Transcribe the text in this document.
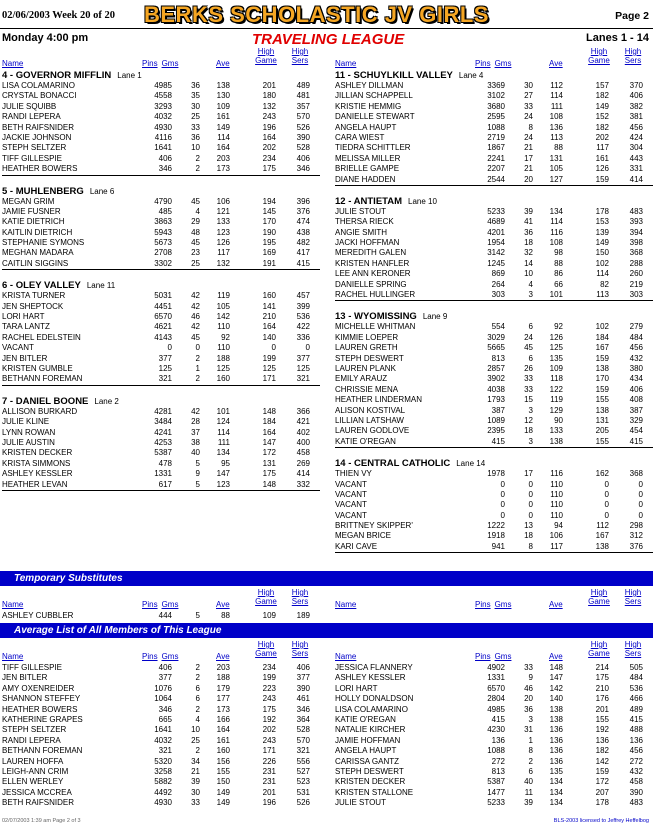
02/06/2003 Week 20 of 20 BERKS SCHOLASTIC JV GIRLS	Page 2
Monday 4:00 pm	TRAVELING LEAGUE	Lanes 1 - 14
Name	Pins Gms	Ave
High Game
High Sers
4 - GOVERNOR MIFFLIN Lane 1
LISA COLAMARINO	4985 36 138	201	489
CRYSTAL BONACCI	4558 35 130	180	481
JULIE SQUIBB	3293 30 109	132	357
RANDI LEPERA	4032 25 161	243	570
BETH RAIFSNIDER	4930 33 149	196	526
JACKIE JOHNSON	4116 36 114	164	390
STEPH SELTZER	1641 10 164	202	528
TIFF GILLESPIE	406	2 203	234	406
HEATHER BOWERS	346	2 173	175	346
5 - MUHLENBERG Lane 6
MEGAN GRIM	4790 45 106	194	396
JAMIE FUSNER	485	4 121	145	376
KATIE DIETRICH	3863 29 133	170	474
KAITLIN DIETRICH	5943 48 123	190	438
STEPHANIE SYMONS	5673 45 126	195	482
MEGHAN MADARA	2708 23 117	169	417
CAITLIN SIGGINS	3302 25 132	191	415
6 - OLEY VALLEY Lane 11
KRISTA TURNER	5031 42 119	160	457
JEN SHEPTOCK	4451 42 105	141	399
LORI HART	6570 46 142	210	536
TARA LANTZ	4621 42 110	164	422
RACHEL EDELSTEIN	4143 45	92	140	336
VACANT	0	0 110	0	0
JEN BITLER	377	2 188	199	377
KRISTEN GUMBLE	125	1 125	125	125
BETHANN FOREMAN	321	2 160	171	321
7 - DANIEL BOONE Lane 2
ALLISON BURKARD	4281 42 101	148	366
JULIE KLINE	3484 28 124	184	421
LYNN ROWAN	4241 37 114	164	402
JULIE AUSTIN	4253 38 111	147	400
KRISTEN DECKER	5387 40 134	172	458
KRISTA SIMMONS	478	5	95	131	269
ASHLEY KESSLER	1331	9 147	175	414
HEATHER LEVAN	617	5 123	148	332
Name	Pins Gms	Ave
High Game
High Sers
11 - SCHUYLKILL VALLEY Lane 4
ASHLEY DILLMAN	3369 30 112	157	370
JILLIAN SCHAPPELL	3102 27 114	182	406
KRISTIE HEMMIG	3680 33 111	149	382
DANIELLE STEWART	2595 24 108	152	381
ANGELA HAUPT	1088	8 136	182	456
CARA WIEST	2719 24 113	202	424
TIEDRA SCHITTLER	1867 21	88	117	304
MELISSA MILLER	2241 17 131	161	443
BRIELLE GAMPE	2207 21 105	126	331
DIANE HADDEN	2544 20 127	159	414
12 - ANTIETAM Lane 10
JULIE STOUT	5233 39 134	178	483
THERSA RIECK	4689 41 114	153	393
ANGIE SMITH	4201 36 116	139	394
JACKI HOFFMAN	1954 18 108	149	398
MEREDITH GALEN	3142 32	98	150	368
KRISTEN HANFLER	1245 14	88	102	288
LEE ANN KERONER	869 10	86	114	260
DANIELLE SPRING	264	4	66	82	219
RACHEL HULLINGER	303	3 101	113	303
13 - WYOMISSING Lane 9
MICHELLE WHITMAN	554	6	92	102	279
KIMMIE LOEPER	3029 24 126	184	484
LAUREN GRETH	5665 45 125	167	456
STEPH DESWERT	813	6 135	159	432
LAUREN PLANK	2857 26 109	138	380
EMILY ARAUZ	3902 33 118	170	434
CHRISSIE MENA	4038 33 122	159	406
HEATHER LINDERMAN	1793 15 119	155	408
ALISON KOSTIVAL	387	3 129	138	387
LILLIAN LATSHAW	1089 12	90	131	329
LAUREN GODLOVE	2395 18 133	205	454
KATIE O'REGAN	415	3 138	155	415
14 - CENTRAL CATHOLIC Lane 14
THIEN VY	1978 17 116	162	368
VACANT	0	0 110	0	0
VACANT	0	0 110	0	0
VACANT	0	0 110	0	0
VACANT	0	0 110	0	0
BRITTNEY SKIPPER'	1222 13	94	112	298
MEGAN BRICE	1918 18 106	167	312
KARI CAVE	941	8 117	138	376
Temporary Substitutes
Name	Pins Gms	Ave
High Game
High Sers
ASHLEY CUBBLER	444	5	88	109	189
Name	Pins Gms	Ave
High Game
High Sers
Average List of All Members of This League
Name	Pins Gms	Ave
High Game
High Sers
TIFF GILLESPIE	406	2 203	234	406
JEN BITLER	377	2 188	199	377
AMY OXENREIDER	1076	6 179	223	390
SHANNON STEFFEY	1064	6 177	243	461
HEATHER BOWERS	346	2 173	175	346
KATHERINE GRAPES	665	4 166	192	364
STEPH SELTZER	1641 10 164	202	528
RANDI LEPERA	4032 25 161	243	570
BETHANN FOREMAN	321	2 160	171	321
LAUREN HOFFA	5320 34 156	226	556
LEIGH-ANN CRIM	3258 21 155	231	527
ELLEN WERLEY	5882 39 150	231	523
JESSICA MCCREA	4492 30 149	201	531
BETH RAIFSNIDER	4930 33 149	196	526
Name	Pins Gms	Ave
High Game
High Sers
JESSICA FLANNERY	4902 33 148	214	505
ASHLEY KESSLER	1331	9 147	175	484
LORI HART	6570 46 142	210	536
HOLLY DONALDSON	2804 20 140	176	466
LISA COLAMARINO	4985 36 138	201	489
KATIE O'REGAN	415	3 138	155	415
NATALIE KIRCHER	4230 31 136	192	488
JAMIE HOFFMAN	136	1 136	136	136
ANGELA HAUPT	1088	8 136	182	456
CARISSA GANTZ	272	2 136	142	272
STEPH DESWERT	813	6 135	159	432
KRISTEN DECKER	5387 40 134	172	458
KRISTEN STALLONE	1477 11 134	207	390
JULIE STOUT	5233 39 134	178	483
02/07/2003 1:39 am Page 2 of 3	BLS-2003 licensed to Jeffrey Heffelbog
